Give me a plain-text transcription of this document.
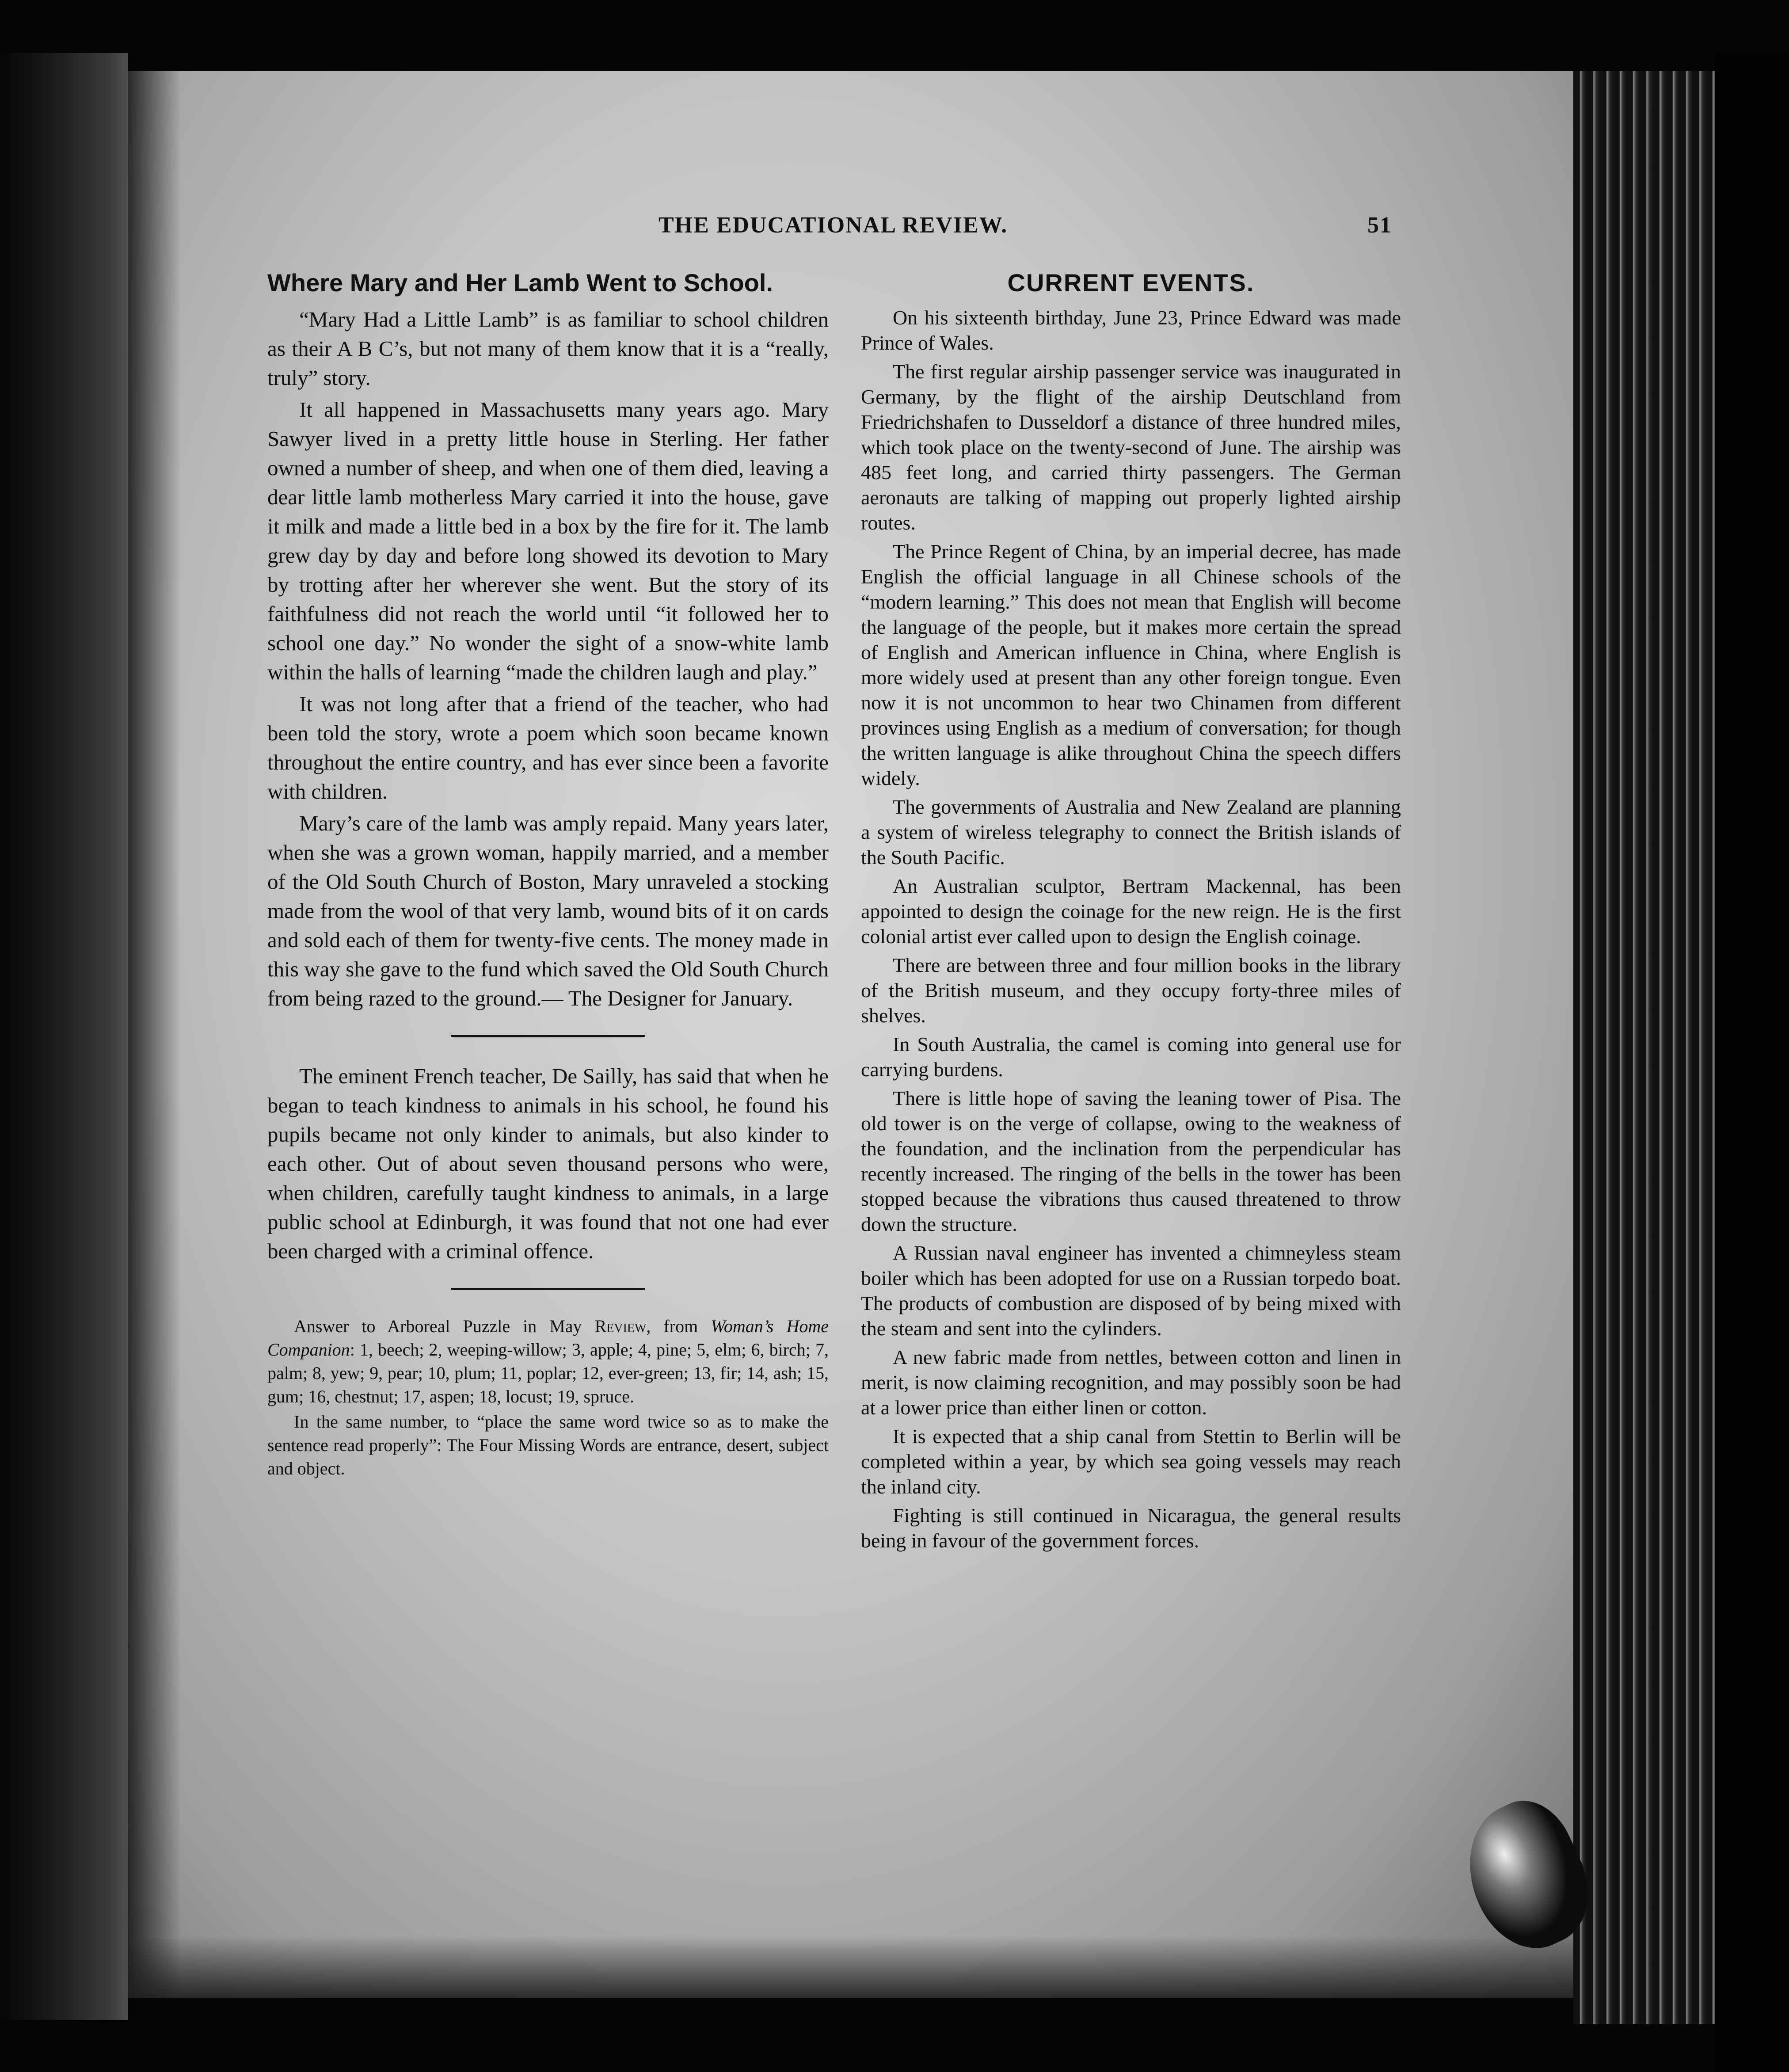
THE EDUCATIONAL REVIEW.	51
Where Mary and Her Lamb Went to School.

“Mary Had a Little Lamb” is as familiar to school children as their A B C’s, but not many of them know that it is a “really, truly” story.

It all happened in Massachusetts many years ago. Mary Sawyer lived in a pretty little house in Sterling. Her father owned a number of sheep, and when one of them died, leaving a dear little lamb motherless Mary carried it into the house, gave it milk and made a little bed in a box by the fire for it. The lamb grew day by day and before long showed its devotion to Mary by trotting after her wherever she went. But the story of its faithfulness did not reach the world until “it followed her to school one day.” No wonder the sight of a snow-white lamb within the halls of learning “made the children laugh and play.”

It was not long after that a friend of the teacher, who had been told the story, wrote a poem which soon became known throughout the entire country, and has ever since been a favorite with children.

Mary’s care of the lamb was amply repaid. Many years later, when she was a grown woman, happily married, and a member of the Old South Church of Boston, Mary unraveled a stocking made from the wool of that very lamb, wound bits of it on cards and sold each of them for twenty-five cents. The money made in this way she gave to the fund which saved the Old South Church from being razed to the ground.— The Designer for January.

The eminent French teacher, De Sailly, has said that when he began to teach kindness to animals in his school, he found his pupils became not only kinder to animals, but also kinder to each other. Out of about seven thousand persons who were, when children, carefully taught kindness to animals, in a large public school at Edinburgh, it was found that not one had ever been charged with a criminal offence.

Answer to Arboreal Puzzle in May Review, from Woman’s Home Companion: 1, beech; 2, weeping-willow; 3, apple; 4, pine; 5, elm; 6, birch; 7, palm; 8, yew; 9, pear; 10, plum; 11, poplar; 12, ever-green; 13, fir; 14, ash; 15, gum; 16, chestnut; 17, aspen; 18, locust; 19, spruce.

In the same number, to “place the same word twice so as to make the sentence read properly”: The Four Missing Words are entrance, desert, subject and object.

CURRENT EVENTS.

On his sixteenth birthday, June 23, Prince Edward was made Prince of Wales.

The first regular airship passenger service was inaugurated in Germany, by the flight of the airship Deutschland from Friedrichshafen to Dusseldorf a distance of three hundred miles, which took place on the twenty-second of June. The airship was 485 feet long, and carried thirty passengers. The German aeronauts are talking of mapping out properly lighted airship routes.

The Prince Regent of China, by an imperial decree, has made English the official language in all Chinese schools of the “modern learning.” This does not mean that English will become the language of the people, but it makes more certain the spread of English and American influence in China, where English is more widely used at present than any other foreign tongue. Even now it is not uncommon to hear two Chinamen from different provinces using English as a medium of conversation; for though the written language is alike throughout China the speech differs widely.

The governments of Australia and New Zealand are planning a system of wireless telegraphy to connect the British islands of the South Pacific.

An Australian sculptor, Bertram Mackennal, has been appointed to design the coinage for the new reign. He is the first colonial artist ever called upon to design the English coinage.

There are between three and four million books in the library of the British museum, and they occupy forty-three miles of shelves.

In South Australia, the camel is coming into general use for carrying burdens.

There is little hope of saving the leaning tower of Pisa. The old tower is on the verge of collapse, owing to the weakness of the foundation, and the inclination from the perpendicular has recently increased. The ringing of the bells in the tower has been stopped because the vibrations thus caused threatened to throw down the structure.

A Russian naval engineer has invented a chimneyless steam boiler which has been adopted for use on a Russian torpedo boat. The products of combustion are disposed of by being mixed with the steam and sent into the cylinders.

A new fabric made from nettles, between cotton and linen in merit, is now claiming recognition, and may possibly soon be had at a lower price than either linen or cotton.

It is expected that a ship canal from Stettin to Berlin will be completed within a year, by which sea going vessels may reach the inland city.

Fighting is still continued in Nicaragua, the general results being in favour of the government forces.
